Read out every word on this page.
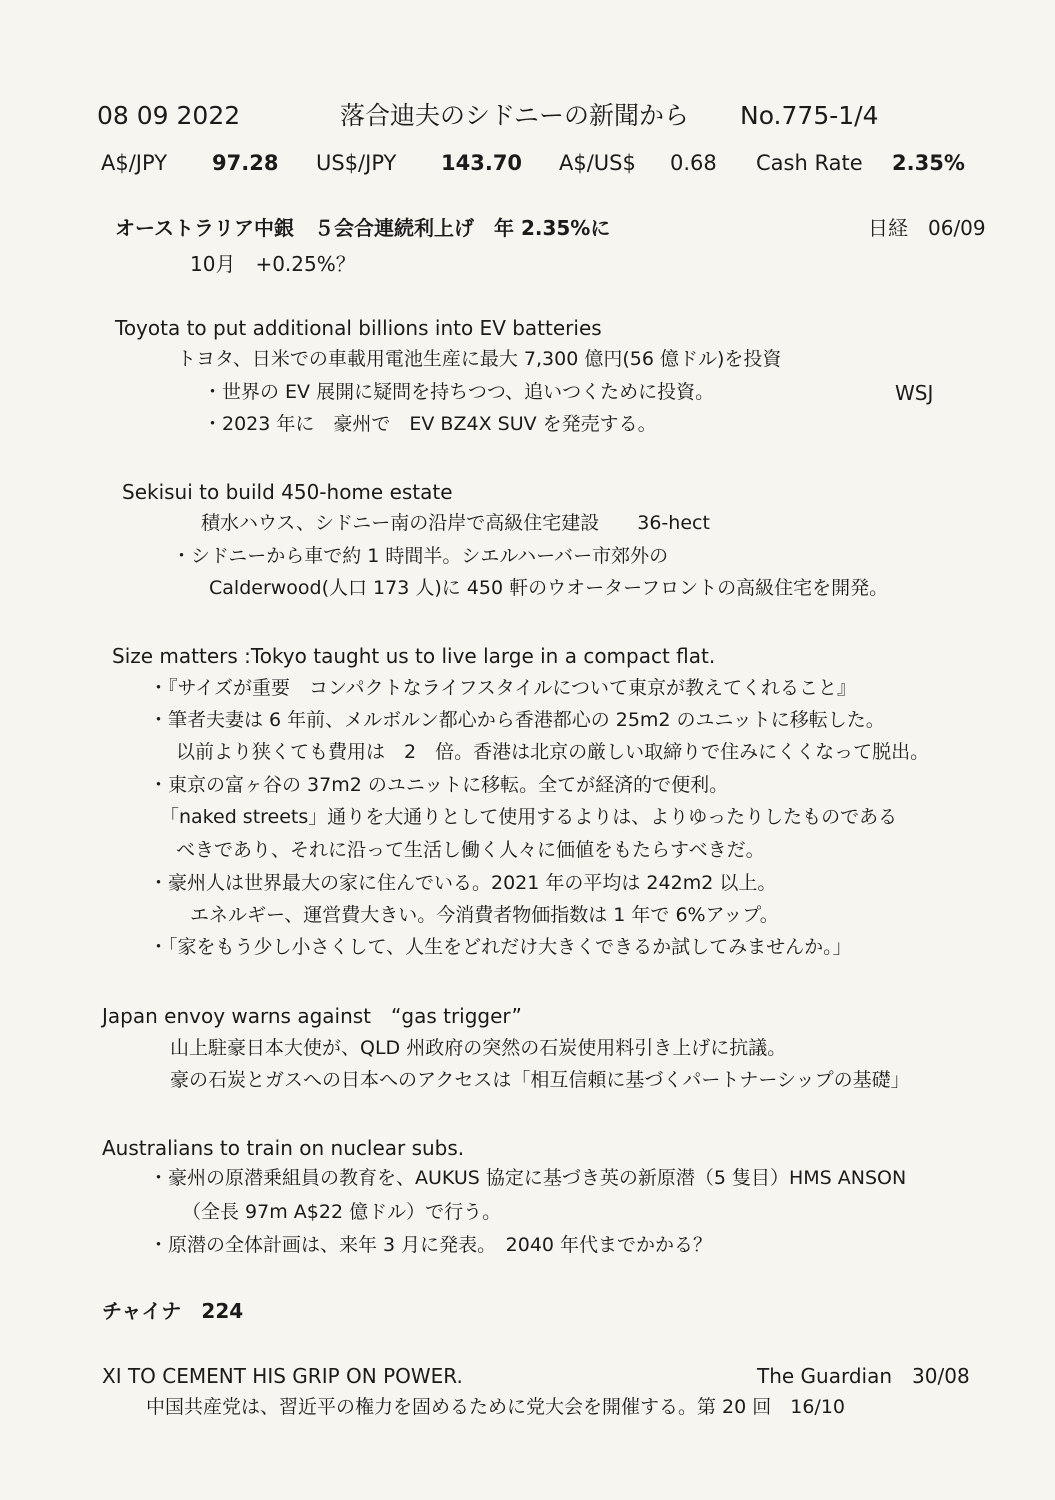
08 09 2022	落合迪夫のシドニーの新聞から No.775-1/4
A$/JPY 97.28 US$/JPY 143.70 A$/US$ 0.68 Cash Rate 2.35%
オーストラリア中銀　５会合連続利上げ　年 2.35%に	日経　06/09
10月　+0.25%？
Toyota to put additional billions into EV batteries
トヨタ、日米での車載用電池生産に最大 7,300 億円(56 億ドル)を投資
・世界の EV 展開に疑問を持ちつつ、追いつくために投資。	WSJ
・2023 年に　豪州で　EV BZ4X SUV を発売する。
Sekisui to build 450-home estate
積水ハウス、シドニー南の沿岸で高級住宅建設　　36-hect
・シドニーから車で約 1 時間半。シエルハーバー市郊外の
Calderwood(人口 173 人)に 450 軒のウオーターフロントの高級住宅を開発。
Size matters :Tokyo taught us to live large in a compact flat.
・『サイズが重要　コンパクトなライフスタイルについて東京が教えてくれること』
・筆者夫妻は 6 年前、メルボルン都心から香港都心の 25m2 のユニットに移転した。
以前より狭くても費用は　2　倍。香港は北京の厳しい取締りで住みにくくなって脱出。
・東京の富ヶ谷の 37m2 のユニットに移転。全てが経済的で便利。
「naked streets」通りを大通りとして使用するよりは、よりゆったりしたものである
べきであり、それに沿って生活し働く人々に価値をもたらすべきだ。
・豪州人は世界最大の家に住んでいる。2021 年の平均は 242m2 以上。
エネルギー、運営費大きい。今消費者物価指数は 1 年で 6%アップ。
・「家をもう少し小さくして、人生をどれだけ大きくできるか試してみませんか。」
Japan envoy warns against　“gas trigger”
山上駐豪日本大使が、QLD 州政府の突然の石炭使用料引き上げに抗議。
豪の石炭とガスへの日本へのアクセスは「相互信頼に基づくパートナーシップの基礎」
Australians to train on nuclear subs.
・豪州の原潜乗組員の教育を、AUKUS 協定に基づき英の新原潜（5 隻目）HMS ANSON
（全長 97m A$22 億ドル）で行う。
・原潜の全体計画は、来年 3 月に発表。　2040 年代までかかる？
チャイナ　224
XI TO CEMENT HIS GRIP ON POWER.	The Guardian　30/08
中国共産党は、習近平の権力を固めるために党大会を開催する。第 20 回　16/10
